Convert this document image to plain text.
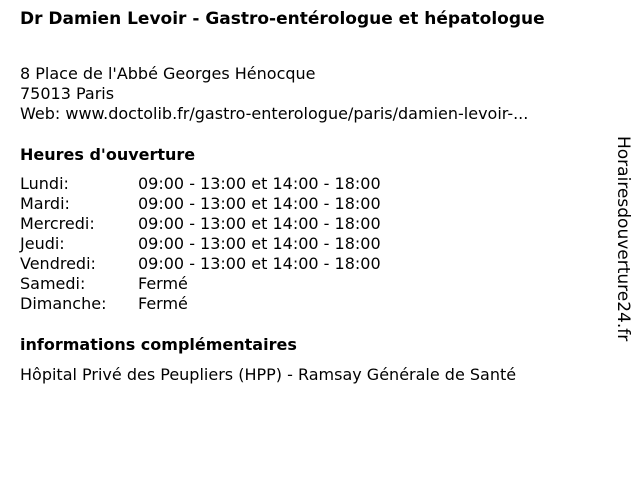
Dr Damien Levoir - Gastro-entérologue et hépatologue
8 Place de l'Abbé Georges Hénocque
75013 Paris
Web: www.doctolib.fr/gastro-enterologue/paris/damien-levoir-...
Heures d'ouverture
Lundi:	09:00 - 13:00 et 14:00 - 18:00
Mardi:	09:00 - 13:00 et 14:00 - 18:00
Mercredi:	09:00 - 13:00 et 14:00 - 18:00
Jeudi:	09:00 - 13:00 et 14:00 - 18:00
Vendredi:	09:00 - 13:00 et 14:00 - 18:00
Samedi:	Fermé
Dimanche: Fermé
informations complémentaires
Hôpital Privé des Peupliers (HPP) - Ramsay Générale de Santé
Horairesdouverture24.fr
